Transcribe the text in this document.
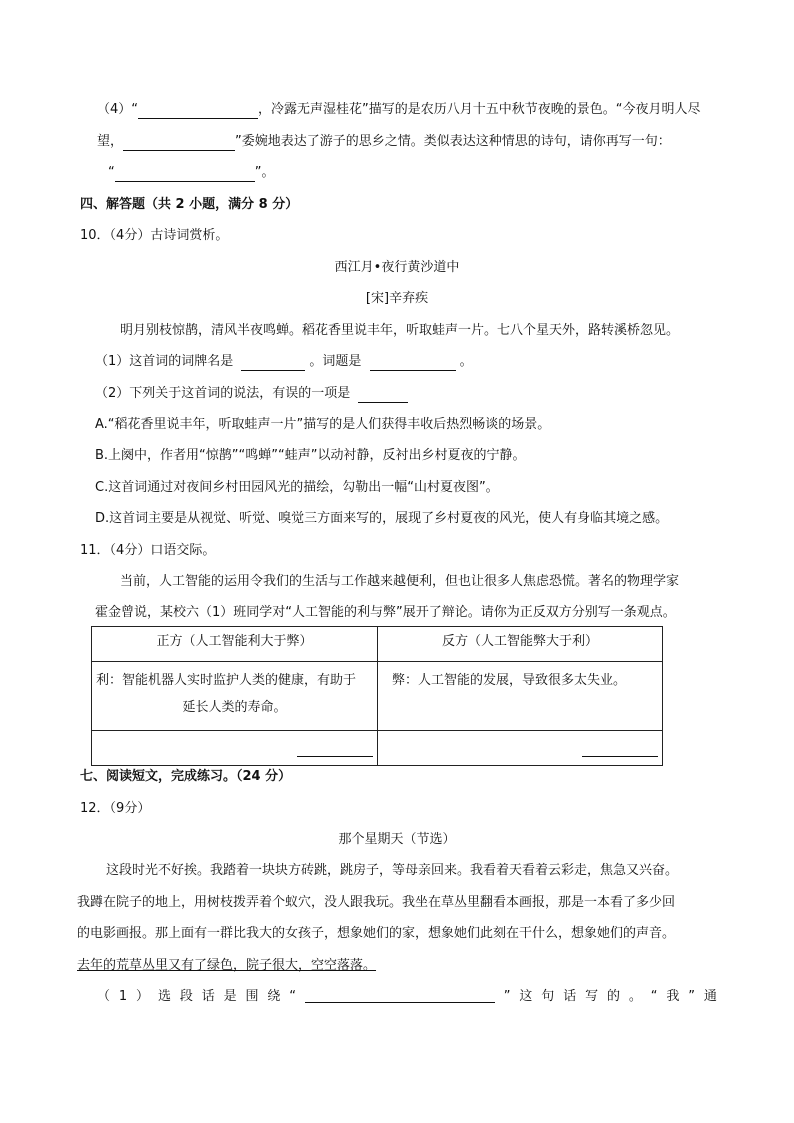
（4）“	，冷露无声湿桂花”描写的是农历八月十五中秋节夜晚的景色。“今夜月明人尽
望，	”委婉地表达了游子的思乡之情。类似表达这种情思的诗句，请你再写一句：
“	”。
四、解答题（共 2 小题，满分 8 分）
10．（4分）古诗词赏析。
西江月•夜行黄沙道中
[宋]辛弃疾
明月别枝惊鹊，清风半夜鸣蝉。稻花香里说丰年，听取蛙声一片。七八个星天外，路转溪桥忽见。
（1）这首词的词牌名是	。词题是	。
（2）下列关于这首词的说法，有误的一项是
A.“稻花香里说丰年，听取蛙声一片”描写的是人们获得丰收后热烈畅谈的场景。
B.上阕中，作者用“惊鹊”“鸣蝉”“蛙声”以动衬静，反衬出乡村夏夜的宁静。
C.这首词通过对夜间乡村田园风光的描绘，勾勒出一幅“山村夏夜图”。
D.这首词主要是从视觉、听觉、嗅觉三方面来写的，展现了乡村夏夜的风光，使人有身临其境之感。
11．（4分）口语交际。
当前，人工智能的运用令我们的生活与工作越来越便利，但也让很多人焦虑恐慌。著名的物理学家
霍金曾说，某校六（1）班同学对“人工智能的利与弊”展开了辩论。请你为正反双方分别写一条观点。
正方（人工智能利大于弊）	反方（人工智能弊大于利）

利：智能机器人实时监护人类的健康，有助于
延长人类的寿命。	弊：人工智能的发展，导致很多太失业。

七、阅读短文，完成练习。（24 分）
12．（9分）
那个星期天（节选）
这段时光不好挨。我踏着一块块方砖跳，跳房子，等母亲回来。我看着天看着云彩走，焦急又兴奋。
我蹲在院子的地上，用树枝拨弄着个蚁穴，没人跟我玩。我坐在草丛里翻看本画报，那是一本看了多少回
的电影画报。那上面有一群比我大的女孩子，想象她们的家，想象她们此刻在干什么，想象她们的声音。
去年的荒草丛里又有了绿色，院子很大，空空落落。
（ 1 ） 选 段 话 是 围 绕 “	” 这 句 话 写 的 。 “ 我 ” 通
